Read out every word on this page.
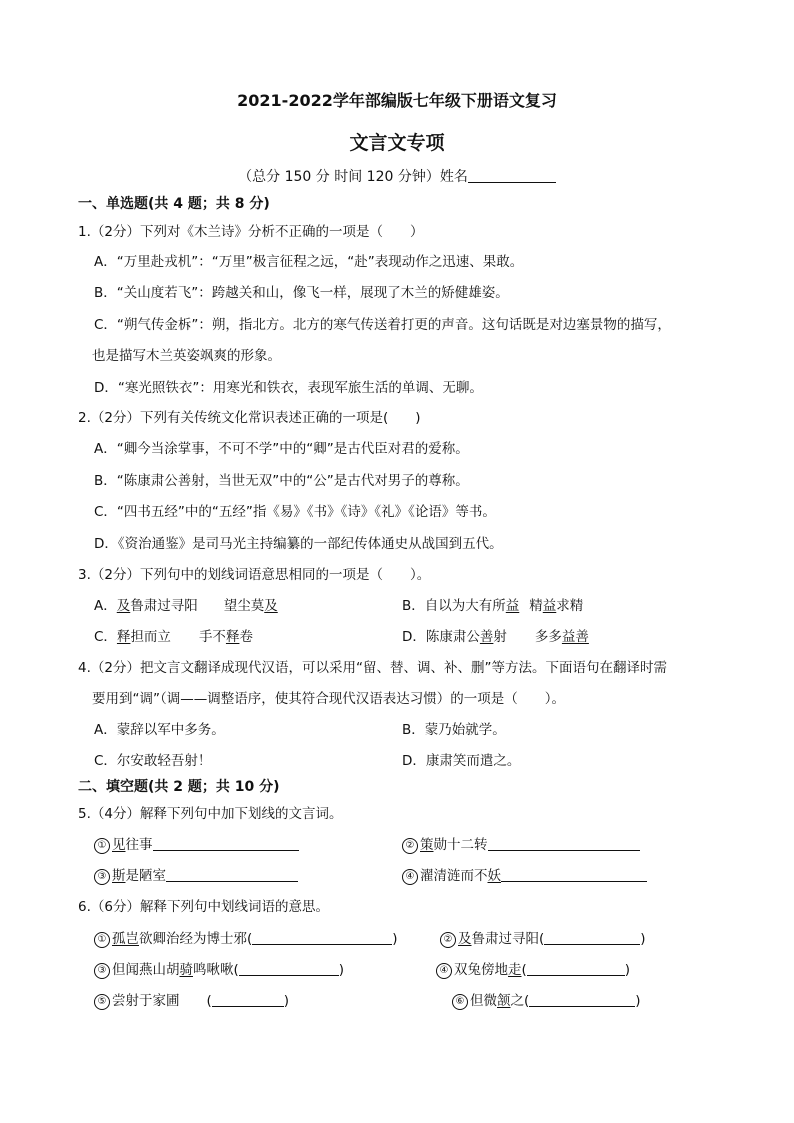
2021-2022学年部编版七年级下册语文复习
文言文专项
（总分 150 分 时间 120 分钟）姓名
一、单选题(共 4 题；共 8 分)
1.（2分）下列对《木兰诗》分析不正确的一项是（　　）
A．“万里赴戎机”：“万里”极言征程之远，“赴”表现动作之迅速、果敢。
B．“关山度若飞”：跨越关和山，像飞一样，展现了木兰的矫健雄姿。
C．“朔气传金柝”：朔，指北方。北方的寒气传送着打更的声音。这句话既是对边塞景物的描写，
也是描写木兰英姿飒爽的形象。
D．“寒光照铁衣”：用寒光和铁衣，表现军旅生活的单调、无聊。
2.（2分）下列有关传统文化常识表述正确的一项是(　　)
A．“卿今当涂掌事，不可不学”中的“卿”是古代臣对君的爱称。
B．“陈康肃公善射，当世无双”中的“公”是古代对男子的尊称。
C．“四书五经”中的“五经”指《易》《书》《诗》《礼》《论语》等书。
D．《资治通鉴》是司马光主持编纂的一部纪传体通史从战国到五代。
3.（2分）下列句中的划线词语意思相同的一项是（　　）。
A．及鲁肃过寻阳 望尘莫及	B．自以为大有所益 精益求精
C．释担而立 手不释卷	D．陈康肃公善射 多多益善
4.（2分）把文言文翻译成现代汉语，可以采用“留、替、调、补、删”等方法。下面语句在翻译时需
要用到“调”（调——调整语序，使其符合现代汉语表达习惯）的一项是（　　）。
A．蒙辞以军中多务。	B．蒙乃始就学。
C．尔安敢轻吾射！	D．康肃笑而遣之。
二、填空题(共 2 题；共 10 分)
5.（4分）解释下列句中加下划线的文言词。
① 见往事	② 策勋十二转
③ 斯是陋室	④ 濯清涟而不妖
6.（6分）解释下列句中划线词语的意思。
① 孤岂欲卿治经为博士邪(	)	② 及鲁肃过寻阳(	)
③ 但闻燕山胡骑鸣啾啾(	)	④ 双兔傍地走(	)
⑤ 尝射于家圃　　(	)	⑥ 但微颔之(	)
